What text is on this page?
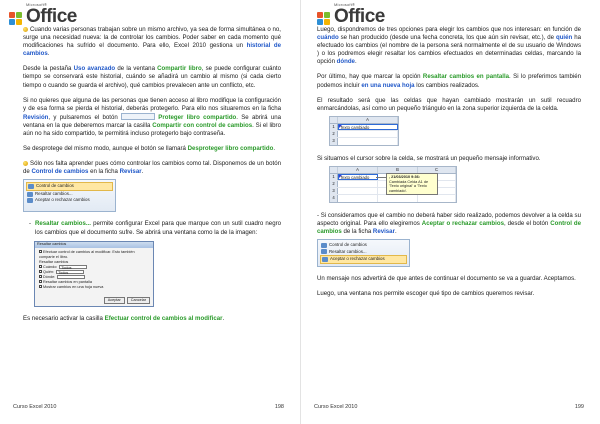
Microsoft®
Office

Cuando varias personas trabajan sobre un mismo archivo, ya sea de forma simultánea o no, surge una necesidad nueva: la de controlar los cambios. Poder saber en cada momento qué modificaciones ha sufrido el documento. Para ello, Excel 2010 gestiona un historial de cambios.

Desde la pestaña Uso avanzado de la ventana Compartir libro, se puede configurar cuánto tiempo se conservará este historial, cuándo se añadirá un cambio al mismo (si cada cierto tiempo o cuando se guarda el archivo), qué cambios prevalecen ante un conflicto, etc.

Si no quieres que alguna de las personas que tienen acceso al libro modifique la configuración y de esa forma se pierda el historial, deberás protegerlo. Para ello nos situaremos en la ficha Revisión, y pulsaremos el botón	Proteger libro compartido. Se abrirá una ventana en la que deberemos marcar la casilla Compartir con control de cambios. Si el libro aún no ha sido compartido, te permitirá incluso protegerlo bajo contraseña.

Se desprotege del mismo modo, aunque el botón se llamará Desproteger libro compartido.

Sólo nos falta aprender pues cómo controlar los cambios como tal. Disponemos de un botón de Control de cambios en la ficha Revisar.

Control de cambios
Resaltar cambios...
Aceptar o rechazar cambios
- Resaltar cambios... permite configurar Excel para que marque con un sutil cuadro negro los cambios que el documento sufre. Se abrirá una ventana como la de la imagen:

Resaltar cambios
Efectuar control de cambios al modificar. Esto también comparte el libro.
Resaltar cambios
Cuándo: Todos
Quién: Todos
Dónde:
Resaltar cambios en pantalla
Mostrar cambios en una hoja nueva
Aceptar	Cancelar

Es necesario activar la casilla Efectuar control de cambios al modificar.

Curso Excel 2010	198
Microsoft®
Office

Luego, dispondremos de tres opciones para elegir los cambios que nos interesan: en función de cuándo se han producido (desde una fecha concreta, los que aún sin revisar, etc.), de quién ha efectuado los cambios (el nombre de la persona será normalmente el de su usuario de Windows ) o los podremos elegir resaltar los cambios efectuados en determinadas celdas, marcando la opción dónde.

Por último, hay que marcar la opción Resaltar cambios en pantalla. Si lo preferimos también podemos incluir en una nueva hoja los cambios realizados.

El resultado será que las celdas que hayan cambiado mostrarán un sutil recuadro enmarcándolas, así como un pequeño triángulo en la zona superior izquierda de la celda.

A
1	Texto cambiado
2
3

Si situamos el cursor sobre la celda, se mostrará un pequeño mensaje informativo.

A	B	C
1	Texto cambiado
2
3
4
, 21/03/2010 9:36:
Cambiada Celda A1 de
'Texto original' a 'Texto
cambiado'.

- Si consideramos que el cambio no deberá haber sido realizado, podemos devolver a la celda su aspecto original. Para ello elegiremos Aceptar o rechazar cambios, desde el botón Control de cambios de la ficha Revisar.

Control de cambios
Resaltar cambios...
Aceptar o rechazar cambios

Un mensaje nos advertirá de que antes de continuar el documento se va a guardar. Aceptamos.

Luego, una ventana nos permite escoger qué tipo de cambios queremos revisar.

Curso Excel 2010	199
